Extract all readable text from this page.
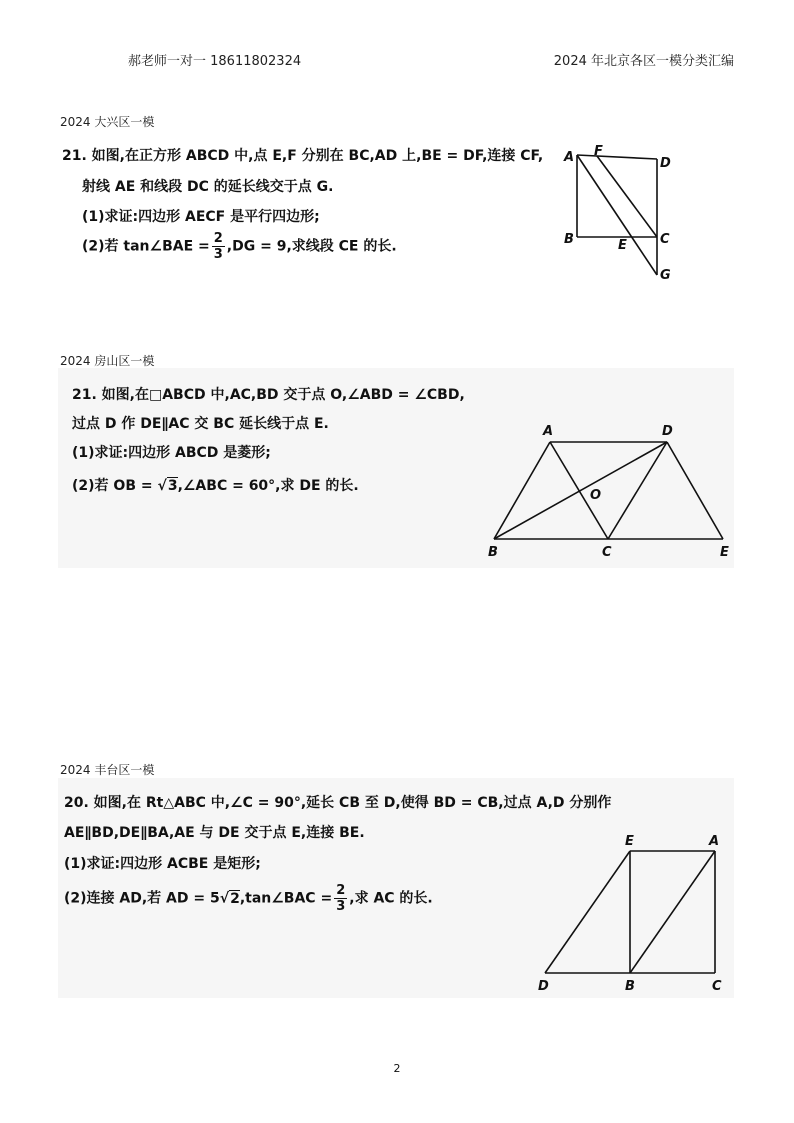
郝老师一对一 18611802324	2024 年北京各区一模分类汇编
2024 大兴区一模
21. 如图,在正方形 ABCD 中,点 E,F 分别在 BC,AD 上,BE = DF,连接 CF,
射线 AE 和线段 DC 的延长线交于点 G.
(1)求证:四边形 AECF 是平行四边形;
(2)若 tan∠BAE = $\frac{2}{3} ,DG = 9$,求线段 CE 的长.
A F
D
B	E	C
G
2024 房山区一模
21. 如图,在□ABCD 中,AC,BD 交于点 O,∠ABD = ∠CBD,
过点 D 作 DE∥AC 交 BC 延长线于点 E.
(1)求证:四边形 ABCD 是菱形;
(2)若 OB = √3,∠ABC = 60°,求 DE 的长.
A	D
O
B	C	E
2024 丰台区一模
20. 如图,在 Rt△ABC 中,∠C = 90°,延长 CB 至 D,使得 BD = CB,过点 A,D 分别作
AE∥BD,DE∥BA,AE 与 DE 交于点 E,连接 BE.
(1)求证:四边形 ACBE 是矩形;
(2)连接 AD,若 AD = 5√2,tan∠BAC = $\frac{2}{3}$ ,求 AC 的长.
E	A
D	B	C
2
